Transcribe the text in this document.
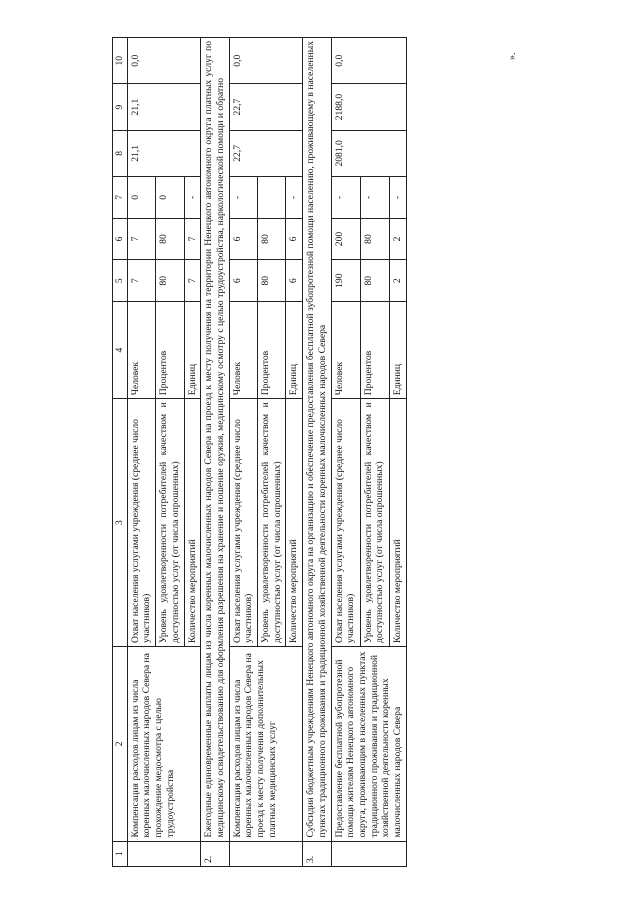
1	2	3	4	5	6	7	8	9	10
	Компенсация расходов лицам из числа коренных малочисленных народов Севера на прохождение медосмотра с целью трудоустройства	Охват населения услугами учреждения (среднее число участников)	Человек	7	7	0	21,1	21,1	0,0
		Уровень удовлетворенности потребителей качеством и доступностью услуг (от числа опрошенных)	Процентов	80	80	0			
		Количество мероприятий	Единиц	7	7	-			
2.	Ежегодные единовременные выплаты лицам из числа коренных малочисленных народов Севера на проезд к месту получения на территории Ненецкого автономного округа платных услуг по медицинскому освидетельствованию для оформления разрешения на хранение и ношение оружия, медицинскому осмотру с целью трудоустройства, наркологической помощи и обратно								
	Компенсация расходов лицам из числа коренных малочисленных народов Севера на проезд к месту получения дополнительных платных медицинских услуг	Охват населения услугами учреждения (среднее число участников)	Человек	6	6	-	22,7	22,7	0,0
		Уровень удовлетворенности потребителей качеством и доступностью услуг (от числа опрошенных)	Процентов	80	80				
		Количество мероприятий	Единиц	6	6	-			
3.	Субсидии бюджетным учреждениям Ненецкого автономного округа на организацию и обеспечение предоставления бесплатной зубопротезной помощи населению, проживающему в населенных пунктах традиционного проживания и традиционной хозяйственной деятельности коренных малочисленных народов Севера								
	Предоставление бесплатной зубопротезной помощи жителям Ненецкого автономного округа, проживающим в населенных пунктах традиционного проживания и традиционной хозяйственной деятельности коренных малочисленных народов Севера	Охват населения услугами учреждения (среднее число участников)	Человек	190	200	-	2081,0	2188,0	0,0
		Уровень удовлетворенности потребителей качеством и доступностью услуг (от числа опрошенных)	Процентов	80	80	-			
		Количество мероприятий	Единиц	2	2	-			
».
